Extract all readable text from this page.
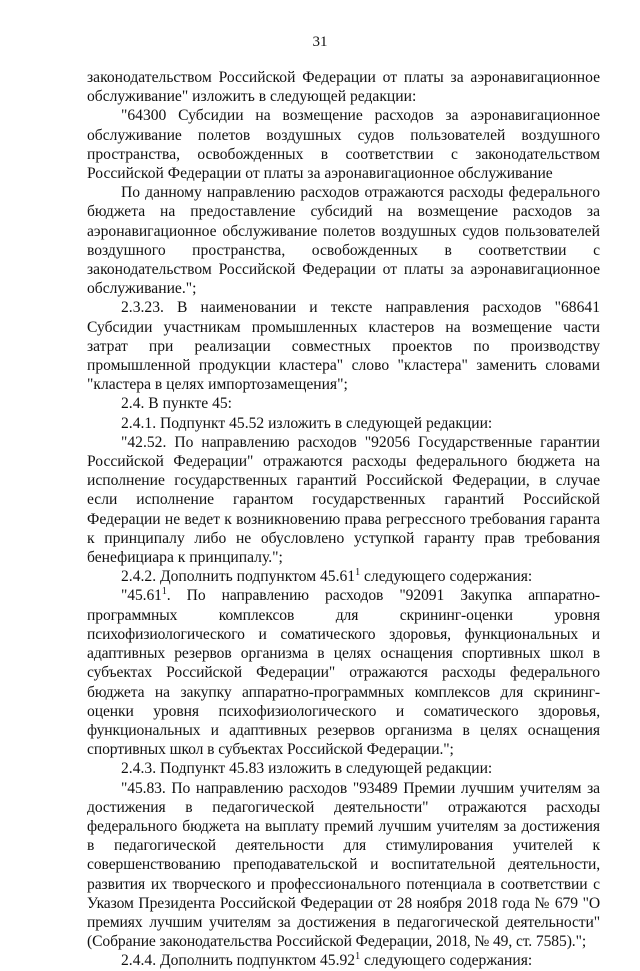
31

законодательством Российской Федерации от платы за аэронавигационное обслуживание" изложить в следующей редакции:

"64300 Субсидии на возмещение расходов за аэронавигационное обслуживание полетов воздушных судов пользователей воздушного пространства, освобожденных в соответствии с законодательством Российской Федерации от платы за аэронавигационное обслуживание

По данному направлению расходов отражаются расходы федерального бюджета на предоставление субсидий на возмещение расходов за аэронавигационное обслуживание полетов воздушных судов пользователей воздушного пространства, освобожденных в соответствии с законодательством Российской Федерации от платы за аэронавигационное обслуживание.";

2.3.23. В наименовании и тексте направления расходов "68641 Субсидии участникам промышленных кластеров на возмещение части затрат при реализации совместных проектов по производству промышленной продукции кластера" слово "кластера" заменить словами "кластера в целях импортозамещения";

2.4. В пункте 45:

2.4.1. Подпункт 45.52 изложить в следующей редакции:

"42.52. По направлению расходов "92056 Государственные гарантии Российской Федерации" отражаются расходы федерального бюджета на исполнение государственных гарантий Российской Федерации, в случае если исполнение гарантом государственных гарантий Российской Федерации не ведет к возникновению права регрессного требования гаранта к принципалу либо не обусловлено уступкой гаранту прав требования бенефициара к принципалу.";

2.4.2. Дополнить подпунктом 45.61$^1$ следующего содержания:

"45.61$^1$. По направлению расходов "92091 Закупка аппаратно-программных комплексов для скрининг-оценки уровня психофизиологического и соматического здоровья, функциональных и адаптивных резервов организма в целях оснащения спортивных школ в субъектах Российской Федерации" отражаются расходы федерального бюджета на закупку аппаратно-программных комплексов для скрининг-оценки уровня психофизиологического и соматического здоровья, функциональных и адаптивных резервов организма в целях оснащения спортивных школ в субъектах Российской Федерации.";

2.4.3. Подпункт 45.83 изложить в следующей редакции:

"45.83. По направлению расходов "93489 Премии лучшим учителям за достижения в педагогической деятельности" отражаются расходы федерального бюджета на выплату премий лучшим учителям за достижения в педагогической деятельности для стимулирования учителей к совершенствованию преподавательской и воспитательной деятельности, развития их творческого и профессионального потенциала в соответствии с Указом Президента Российской Федерации от 28 ноября 2018 года № 679 "О премиях лучшим учителям за достижения в педагогической деятельности" (Собрание законодательства Российской Федерации, 2018, № 49, ст. 7585).";

2.4.4. Дополнить подпунктом 45.92$^1$ следующего содержания:
